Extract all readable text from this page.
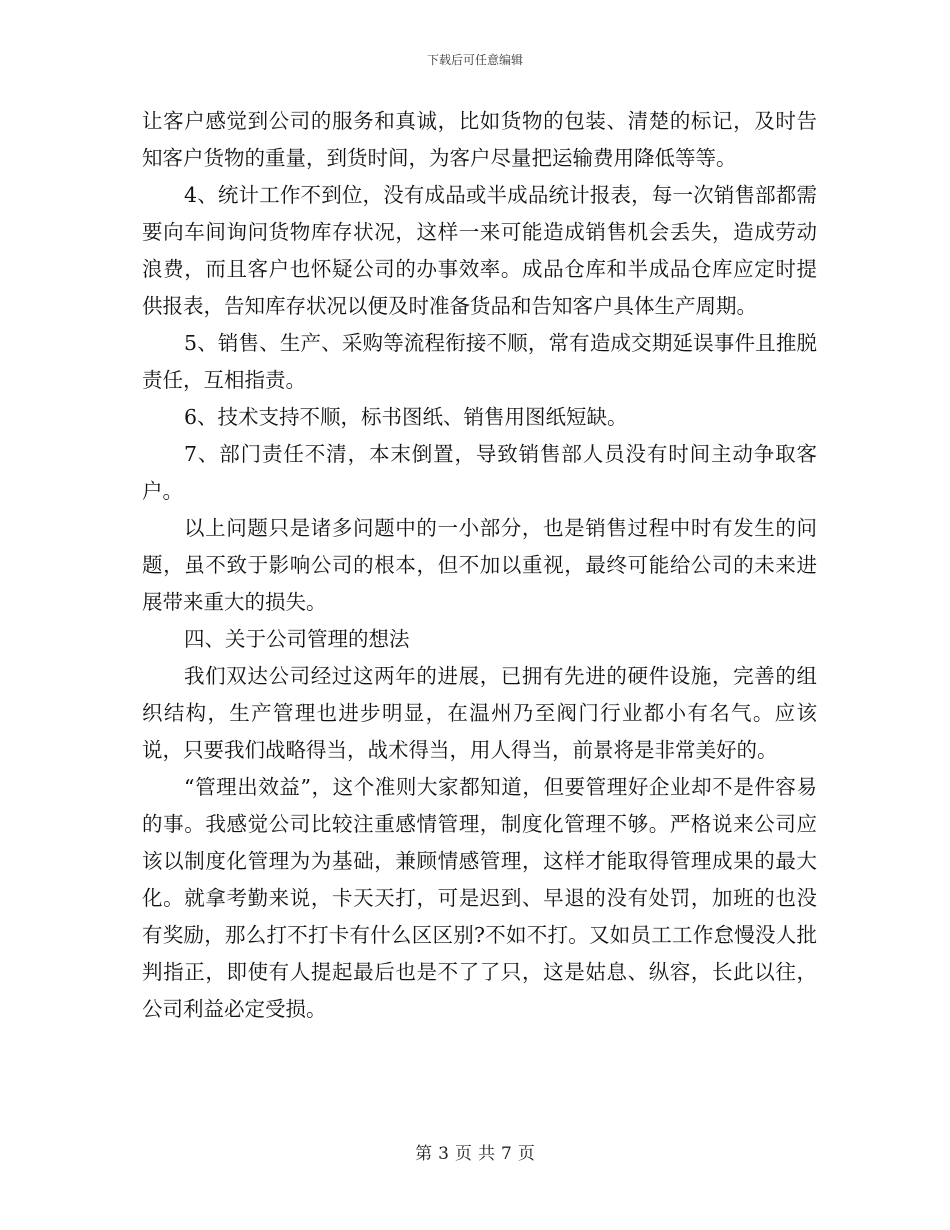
下载后可任意编辑

让客户感觉到公司的服务和真诚，比如货物的包装、清楚的标记，及时告知客户货物的重量，到货时间，为客户尽量把运输费用降低等等。

4、统计工作不到位，没有成品或半成品统计报表，每一次销售部都需要向车间询问货物库存状况，这样一来可能造成销售机会丢失，造成劳动浪费，而且客户也怀疑公司的办事效率。成品仓库和半成品仓库应定时提供报表，告知库存状况以便及时准备货品和告知客户具体生产周期。

5、销售、生产、采购等流程衔接不顺，常有造成交期延误事件且推脱责任，互相指责。

6、技术支持不顺，标书图纸、销售用图纸短缺。

7、部门责任不清，本末倒置，导致销售部人员没有时间主动争取客户。

以上问题只是诸多问题中的一小部分，也是销售过程中时有发生的问题，虽不致于影响公司的根本，但不加以重视，最终可能给公司的未来进展带来重大的损失。

四、关于公司管理的想法

我们双达公司经过这两年的进展，已拥有先进的硬件设施，完善的组织结构，生产管理也进步明显，在温州乃至阀门行业都小有名气。应该说，只要我们战略得当，战术得当，用人得当，前景将是非常美好的。

“管理出效益”，这个准则大家都知道，但要管理好企业却不是件容易的事。我感觉公司比较注重感情管理，制度化管理不够。严格说来公司应该以制度化管理为为基础，兼顾情感管理，这样才能取得管理成果的最大化。就拿考勤来说，卡天天打，可是迟到、早退的没有处罚，加班的也没有奖励，那么打不打卡有什么区区别?不如不打。又如员工工作怠慢没人批判指正，即使有人提起最后也是不了了只，这是姑息、纵容，长此以往，公司利益必定受损。

第 3 页 共 7 页
